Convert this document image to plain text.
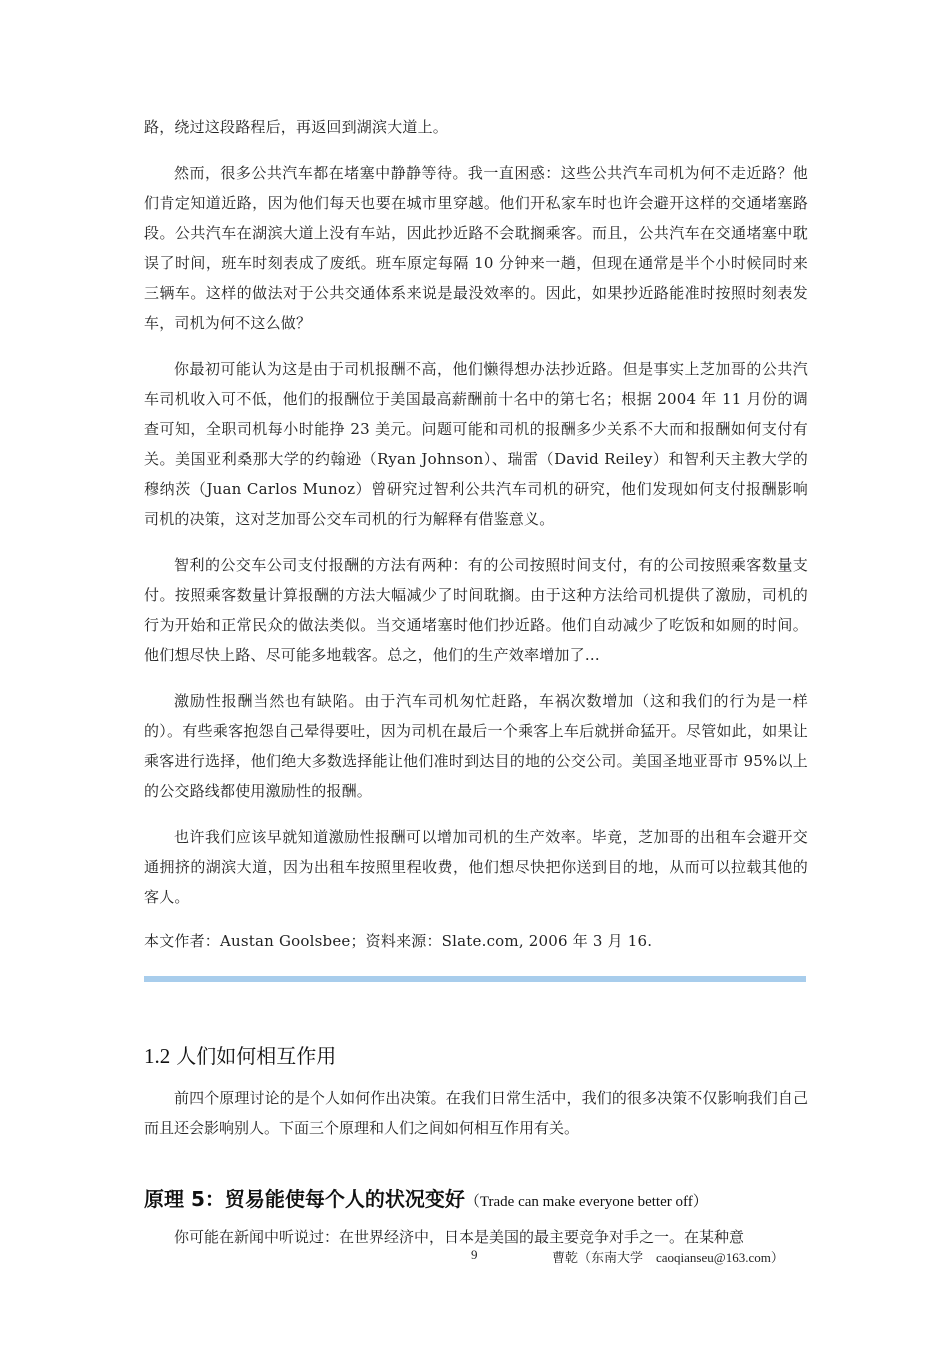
路，绕过这段路程后，再返回到湖滨大道上。

然而，很多公共汽车都在堵塞中静静等待。我一直困惑：这些公共汽车司机为何不走近路？他们肯定知道近路，因为他们每天也要在城市里穿越。他们开私家车时也许会避开这样的交通堵塞路段。公共汽车在湖滨大道上没有车站，因此抄近路不会耽搁乘客。而且，公共汽车在交通堵塞中耽误了时间，班车时刻表成了废纸。班车原定每隔 10 分钟来一趟，但现在通常是半个小时候同时来三辆车。这样的做法对于公共交通体系来说是最没效率的。因此，如果抄近路能准时按照时刻表发车，司机为何不这么做？

你最初可能认为这是由于司机报酬不高，他们懒得想办法抄近路。但是事实上芝加哥的公共汽车司机收入可不低，他们的报酬位于美国最高薪酬前十名中的第七名；根据 2004 年 11 月份的调查可知，全职司机每小时能挣 23 美元。问题可能和司机的报酬多少关系不大而和报酬如何支付有关。美国亚利桑那大学的约翰逊（Ryan Johnson）、瑞雷（David Reiley）和智利天主教大学的穆纳茨（Juan Carlos Munoz）曾研究过智利公共汽车司机的研究，他们发现如何支付报酬影响司机的决策，这对芝加哥公交车司机的行为解释有借鉴意义。

智利的公交车公司支付报酬的方法有两种：有的公司按照时间支付，有的公司按照乘客数量支付。按照乘客数量计算报酬的方法大幅减少了时间耽搁。由于这种方法给司机提供了激励，司机的行为开始和正常民众的做法类似。当交通堵塞时他们抄近路。他们自动减少了吃饭和如厕的时间。他们想尽快上路、尽可能多地载客。总之，他们的生产效率增加了…

激励性报酬当然也有缺陷。由于汽车司机匆忙赶路，车祸次数增加（这和我们的行为是一样的）。有些乘客抱怨自己晕得要吐，因为司机在最后一个乘客上车后就拼命猛开。尽管如此，如果让乘客进行选择，他们绝大多数选择能让他们准时到达目的地的公交公司。美国圣地亚哥市 95%以上的公交路线都使用激励性的报酬。

也许我们应该早就知道激励性报酬可以增加司机的生产效率。毕竟，芝加哥的出租车会避开交通拥挤的湖滨大道，因为出租车按照里程收费，他们想尽快把你送到目的地，从而可以拉载其他的客人。

本文作者：Austan Goolsbee；资料来源：Slate.com, 2006 年 3 月 16.

1.2 人们如何相互作用

前四个原理讨论的是个人如何作出决策。在我们日常生活中，我们的很多决策不仅影响我们自己而且还会影响别人。下面三个原理和人们之间如何相互作用有关。

原理 5：贸易能使每个人的状况变好（Trade can make everyone better off）

你可能在新闻中听说过：在世界经济中，日本是美国的最主要竞争对手之一。在某种意

9	曹乾（东南大学　caoqianseu@163.com）
